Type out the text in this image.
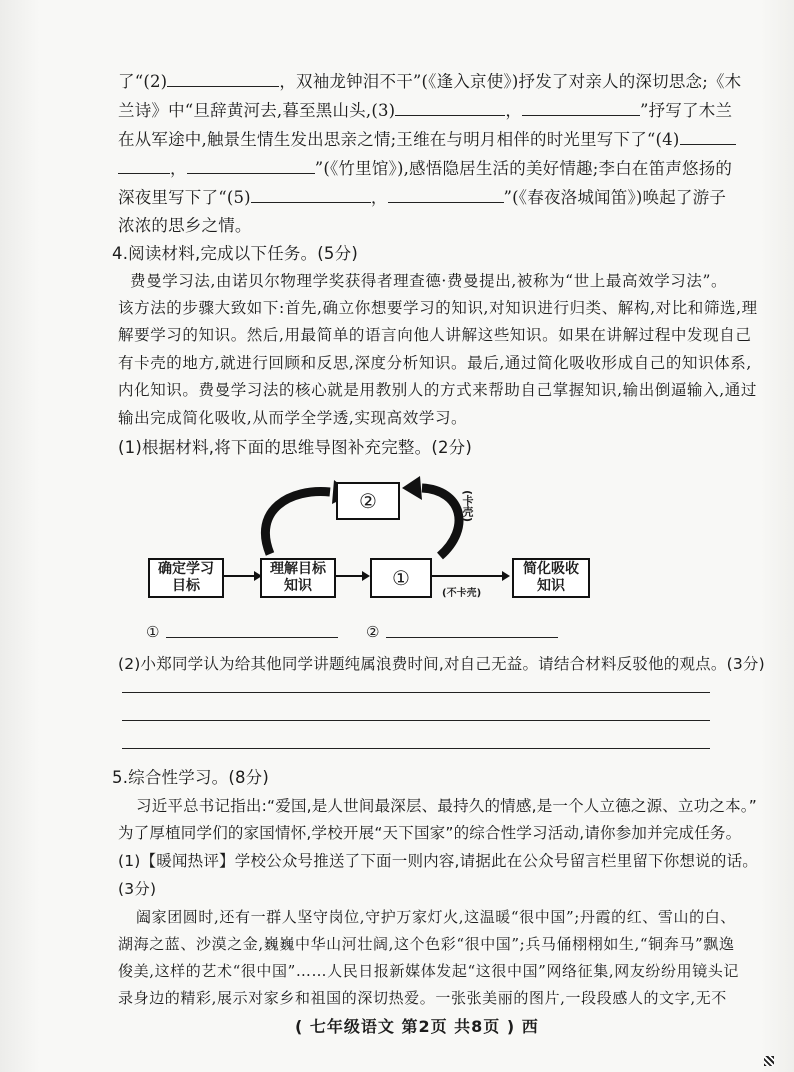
了“(2)	，双袖龙钟泪不干”(《逢入京使》)抒发了对亲人的深切思念;《木
兰诗》中“旦辞黄河去,暮至黑山头,(3)	，	”抒写了木兰
在从军途中,触景生情生发出思亲之情;王维在与明月相伴的时光里写下了“(4)
，	”(《竹里馆》),感悟隐居生活的美好情趣;李白在笛声悠扬的
深夜里写下了“(5)	，	”(《春夜洛城闻笛》)唤起了游子
浓浓的思乡之情。
4.阅读材料,完成以下任务。(5分)
费曼学习法,由诺贝尔物理学奖获得者理查德·费曼提出,被称为“世上最高效学习法”。
该方法的步骤大致如下:首先,确立你想要学习的知识,对知识进行归类、解构,对比和筛选,理
解要学习的知识。然后,用最简单的语言向他人讲解这些知识。如果在讲解过程中发现自己
有卡壳的地方,就进行回顾和反思,深度分析知识。最后,通过简化吸收形成自己的知识体系,
内化知识。费曼学习法的核心就是用教别人的方式来帮助自己掌握知识,输出倒逼输入,通过
输出完成简化吸收,从而学全学透,实现高效学习。
(1)根据材料,将下面的思维导图补充完整。(2分)
确定学习
目标
理解目标
知识	①	简化吸收
知识
②	(卡壳)
(不卡壳)
①	②
(2)小郑同学认为给其他同学讲题纯属浪费时间,对自己无益。请结合材料反驳他的观点。(3分)
5.综合性学习。(8分)
习近平总书记指出:“爱国,是人世间最深层、最持久的情感,是一个人立德之源、立功之本。”
为了厚植同学们的家国情怀,学校开展“天下国家”的综合性学习活动,请你参加并完成任务。
(1)【暖闻热评】学校公众号推送了下面一则内容,请据此在公众号留言栏里留下你想说的话。
(3分)
阖家团圆时,还有一群人坚守岗位,守护万家灯火,这温暖“很中国”;丹霞的红、雪山的白、
湖海之蓝、沙漠之金,巍巍中华山河壮阔,这个色彩“很中国”;兵马俑栩栩如生,“铜奔马”飘逸
俊美,这样的艺术“很中国”……人民日报新媒体发起“这很中国”网络征集,网友纷纷用镜头记
录身边的精彩,展示对家乡和祖国的深切热爱。一张张美丽的图片,一段段感人的文字,无不
( 七年级语文 第2页 共8页 ) 西
